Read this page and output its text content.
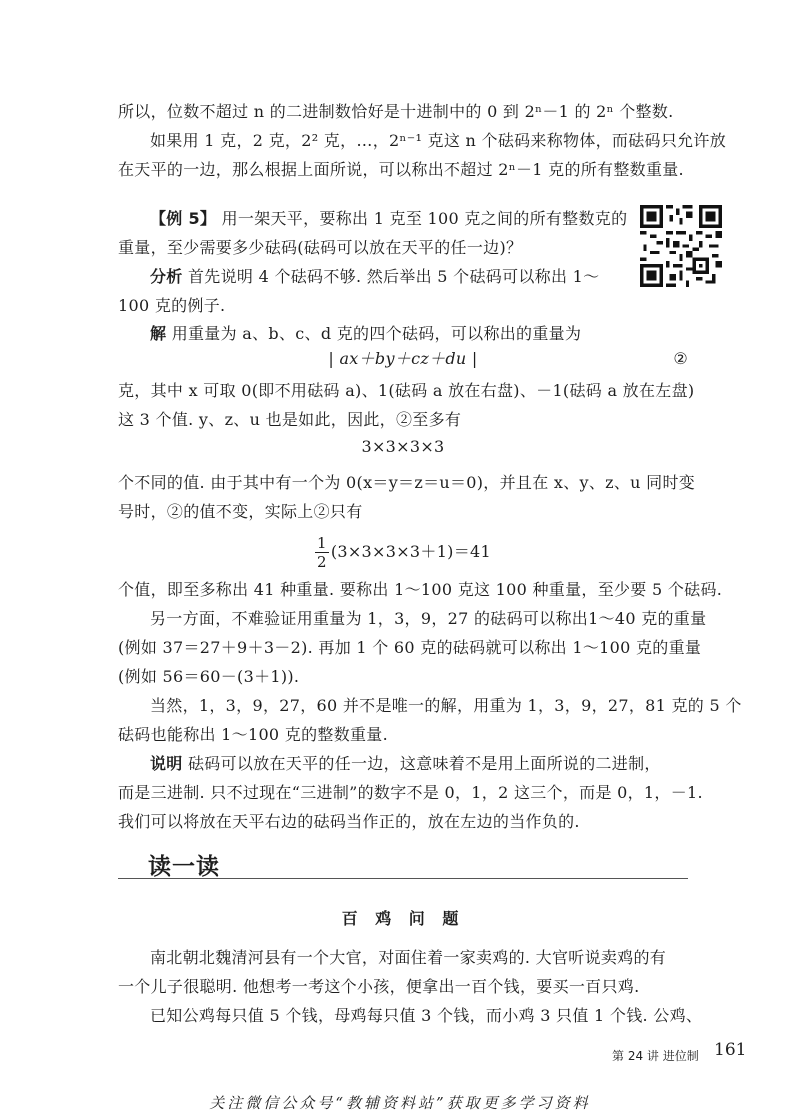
所以，位数不超过 n 的二进制数恰好是十进制中的 0 到 2ⁿ－1 的 2ⁿ 个整数.
如果用 1 克，2 克，2² 克，…，2ⁿ⁻¹ 克这 n 个砝码来称物体，而砝码只允许放
在天平的一边，那么根据上面所说，可以称出不超过 2ⁿ－1 克的所有整数重量.
【例 5】 用一架天平，要称出 1 克至 100 克之间的所有整数克的
重量，至少需要多少砝码(砝码可以放在天平的任一边)？
分析 首先说明 4 个砝码不够. 然后举出 5 个砝码可以称出 1～
100 克的例子.
解 用重量为 a、b、c、d 克的四个砝码，可以称出的重量为
| ax＋by＋cz＋du |	②
克，其中 x 可取 0(即不用砝码 a)、1(砝码 a 放在右盘)、－1(砝码 a 放在左盘)
这 3 个值. y、z、u 也是如此，因此，②至多有
3×3×3×3
个不同的值. 由于其中有一个为 0(x＝y＝z＝u＝0)，并且在 x、y、z、u 同时变
号时，②的值不变，实际上②只有
$\frac{1}{2} (3\times 3\times 3\times 3+1)=41$
个值，即至多称出 41 种重量. 要称出 1～100 克这 100 种重量，至少要 5 个砝码.
另一方面，不难验证用重量为 1，3，9，27 的砝码可以称出1～40 克的重量
(例如 37＝27＋9＋3－2). 再加 1 个 60 克的砝码就可以称出 1～100 克的重量
(例如 56＝60－(3＋1)).
当然，1，3，9，27，60 并不是唯一的解，用重为 1，3，9，27，81 克的 5 个
砝码也能称出 1～100 克的整数重量.
说明 砝码可以放在天平的任一边，这意味着不是用上面所说的二进制，
而是三进制. 只不过现在“三进制”的数字不是 0，1，2 这三个，而是 0，1，－1.
我们可以将放在天平右边的砝码当作正的，放在左边的当作负的.
读一读
百 鸡 问 题
南北朝北魏清河县有一个大官，对面住着一家卖鸡的. 大官听说卖鸡的有
一个儿子很聪明. 他想考一考这个小孩，便拿出一百个钱，要买一百只鸡.
已知公鸡每只值 5 个钱，母鸡每只值 3 个钱，而小鸡 3 只值 1 个钱. 公鸡、
第 24 讲 进位制 161
关注微信公众号“教辅资料站”获取更多学习资料
